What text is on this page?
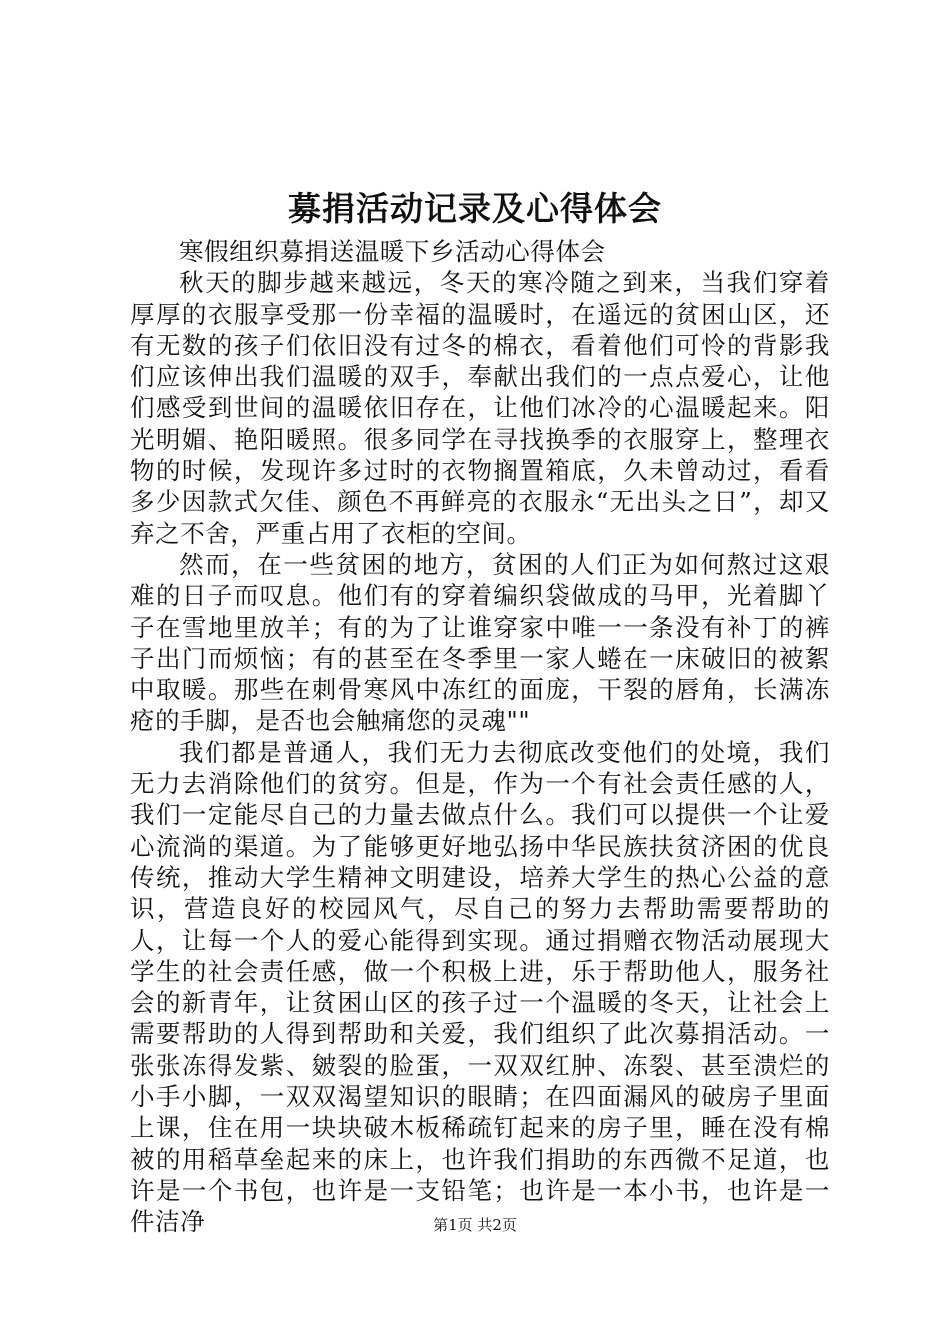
募捐活动记录及心得体会

寒假组织募捐送温暖下乡活动心得体会

秋天的脚步越来越远，冬天的寒冷随之到来，当我们穿着厚厚的衣服享受那一份幸福的温暖时，在遥远的贫困山区，还有无数的孩子们依旧没有过冬的棉衣，看着他们可怜的背影我们应该伸出我们温暖的双手，奉献出我们的一点点爱心，让他们感受到世间的温暖依旧存在，让他们冰冷的心温暖起来。阳光明媚、艳阳暖照。很多同学在寻找换季的衣服穿上，整理衣物的时候，发现许多过时的衣物搁置箱底，久未曾动过，看看多少因款式欠佳、颜色不再鲜亮的衣服永“无出头之日”，却又弃之不舍，严重占用了衣柜的空间。

然而，在一些贫困的地方，贫困的人们正为如何熬过这艰难的日子而叹息。他们有的穿着编织袋做成的马甲，光着脚丫子在雪地里放羊；有的为了让谁穿家中唯一一条没有补丁的裤子出门而烦恼；有的甚至在冬季里一家人蜷在一床破旧的被絮中取暖。那些在刺骨寒风中冻红的面庞，干裂的唇角，长满冻疮的手脚，是否也会触痛您的灵魂""

我们都是普通人，我们无力去彻底改变他们的处境，我们无力去消除他们的贫穷。但是，作为一个有社会责任感的人，我们一定能尽自己的力量去做点什么。我们可以提供一个让爱心流淌的渠道。为了能够更好地弘扬中华民族扶贫济困的优良传统，推动大学生精神文明建设，培养大学生的热心公益的意识，营造良好的校园风气，尽自己的努力去帮助需要帮助的人，让每一个人的爱心能得到实现。通过捐赠衣物活动展现大学生的社会责任感，做一个积极上进，乐于帮助他人，服务社会的新青年，让贫困山区的孩子过一个温暖的冬天，让社会上需要帮助的人得到帮助和关爱，我们组织了此次募捐活动。一张张冻得发紫、皴裂的脸蛋，一双双红肿、冻裂、甚至溃烂的小手小脚，一双双渴望知识的眼睛；在四面漏风的破房子里面上课，住在用一块块破木板稀疏钉起来的房子里，睡在没有棉被的用稻草垒起来的床上，也许我们捐助的东西微不足道，也许是一个书包，也许是一支铅笔；也许是一本小书，也许是一件洁净	第1页 共2页
